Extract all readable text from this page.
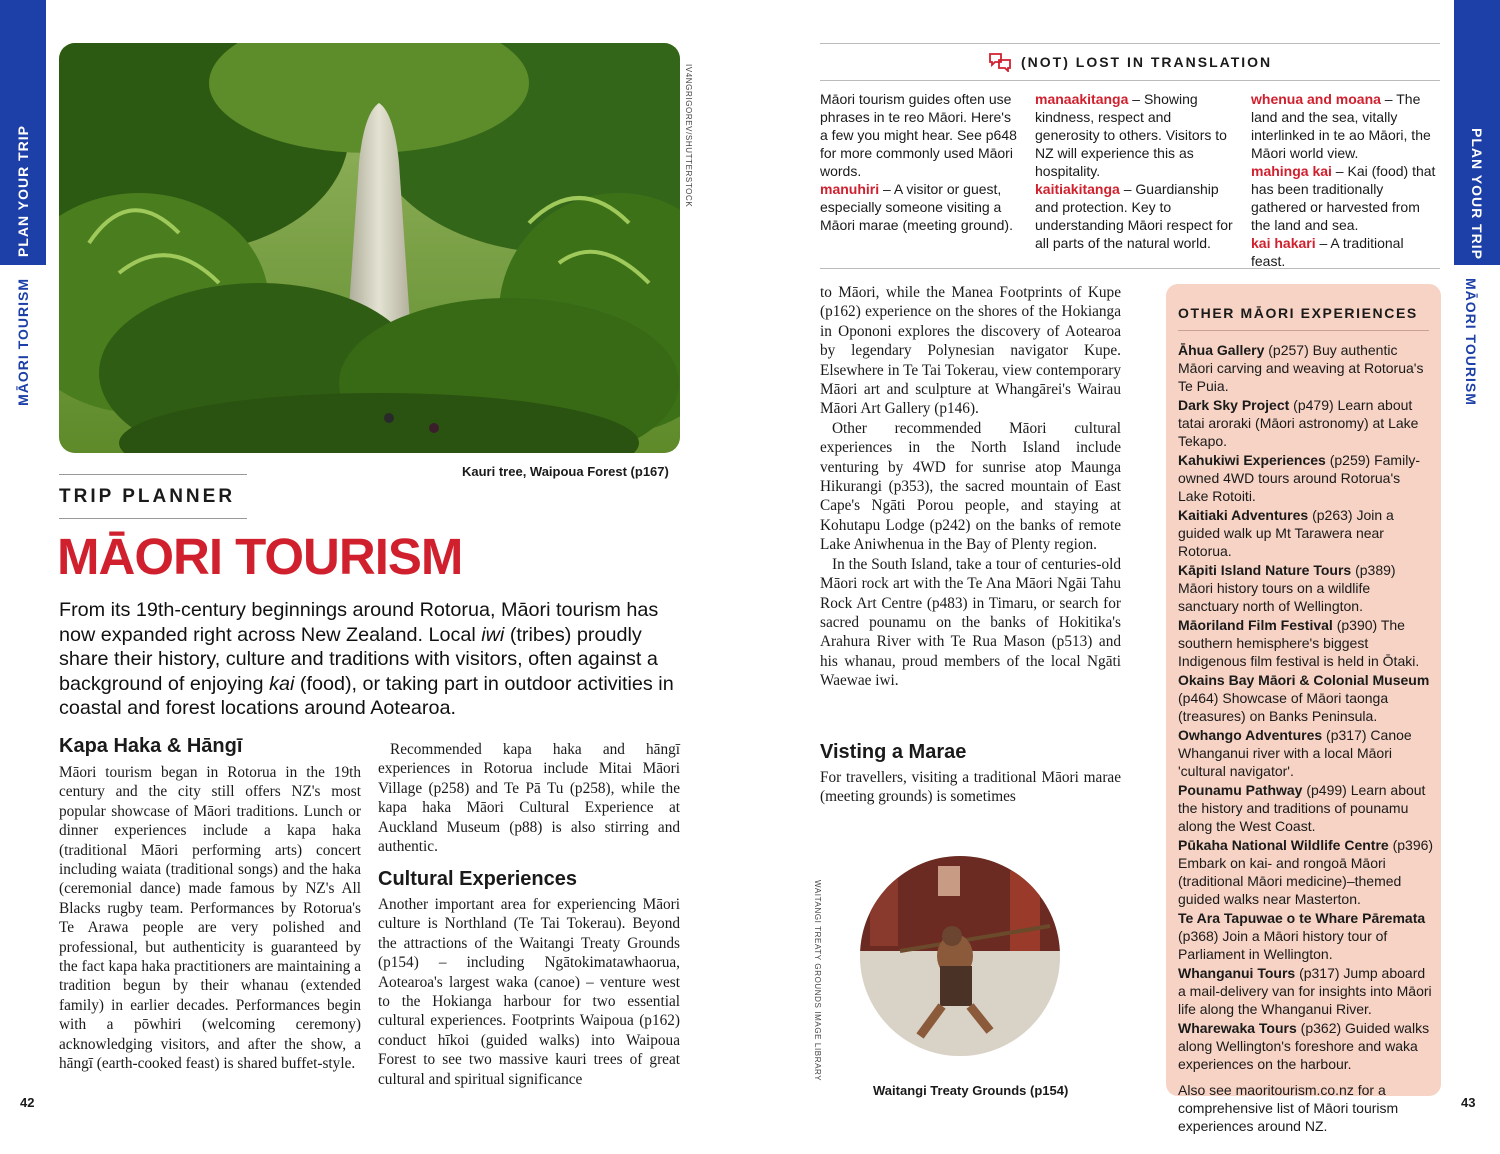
PLAN YOUR TRIP
MĀORI TOURISM
42
PLAN YOUR TRIP
MĀORI TOURISM
43
IV4NGRIGOREV/SHUTTERSTOCK
Kauri tree, Waipoua Forest (p167)
TRIP PLANNER
MĀORI TOURISM
From its 19th-century beginnings around Rotorua, Māori tourism has now expanded right across New Zealand. Local iwi (tribes) proudly share their history, culture and traditions with visitors, often against a background of enjoying kai (food), or taking part in outdoor activities in coastal and forest locations around Aotearoa.
Kapa Haka & Hāngī

Māori tourism began in Rotorua in the 19th century and the city still offers NZ's most popular showcase of Māori traditions. Lunch or dinner experiences include a kapa haka (traditional Māori performing arts) concert including waiata (traditional songs) and the haka (ceremonial dance) made famous by NZ's All Blacks rugby team. Performances by Rotorua's Te Arawa people are very polished and professional, but authenticity is guaranteed by the fact kapa haka practitioners are maintaining a tradition begun by their whanau (extended family) in earlier decades. Performances begin with a pōwhiri (welcoming ceremony) acknowledging visitors, and after the show, a hāngī (earth-cooked feast) is shared buffet-style.

Recommended kapa haka and hāngī experiences in Rotorua include Mitai Māori Village (p258) and Te Pā Tu (p258), while the kapa haka Māori Cultural Experience at Auckland Museum (p88) is also stirring and authentic.

Cultural Experiences

Another important area for experiencing Māori culture is Northland (Te Tai Tokerau). Beyond the attractions of the Waitangi Treaty Grounds (p154) – including Ngātokimatawhaorua, Aotearoa's largest waka (canoe) – venture west to the Hokianga harbour for two essential cultural experiences. Footprints Waipoua (p162) conduct hīkoi (guided walks) into Waipoua Forest to see two massive kauri trees of great cultural and spiritual significance

(NOT) LOST IN TRANSLATION
Māori tourism guides often use phrases in te reo Māori. Here's a few you might hear. See p648 for more commonly used Māori words.
manuhiri – A visitor or guest, especially someone visiting a Māori marae (meeting ground).
manaakitanga – Showing kindness, respect and generosity to others. Visitors to NZ will experience this as hospitality.
kaitiakitanga – Guardianship and protection. Key to understanding Māori respect for all parts of the natural world.
whenua and moana – The land and the sea, vitally interlinked in te ao Māori, the Māori world view.
mahinga kai – Kai (food) that has been traditionally gathered or harvested from the land and sea.
kai hakari – A traditional feast.

to Māori, while the Manea Footprints of Kupe (p162) experience on the shores of the Hokianga in Opononi explores the discovery of Aotearoa by legendary Polynesian navigator Kupe. Elsewhere in Te Tai Tokerau, view contemporary Māori art and sculpture at Whangārei's Wairau Māori Art Gallery (p146).

Other recommended Māori cultural experiences in the North Island include venturing by 4WD for sunrise atop Maunga Hikurangi (p353), the sacred mountain of East Cape's Ngāti Porou people, and staying at Kohutapu Lodge (p242) on the banks of remote Lake Aniwhenua in the Bay of Plenty region.

In the South Island, take a tour of centuries-old Māori rock art with the Te Ana Māori Ngāi Tahu Rock Art Centre (p483) in Timaru, or search for sacred pounamu on the banks of Hokitika's Arahura River with Te Rua Mason (p513) and his whanau, proud members of the local Ngāti Waewae iwi.

Visting a Marae

For travellers, visiting a traditional Māori marae (meeting grounds) is sometimes

WAITANGI TREATY GROUNDS IMAGE LIBRARY
Waitangi Treaty Grounds (p154)
OTHER MĀORI EXPERIENCES
Āhua Gallery (p257) Buy authentic Māori carving and weaving at Rotorua's Te Puia.
Dark Sky Project (p479) Learn about tatai aroraki (Māori astronomy) at Lake Tekapo.
Kahukiwi Experiences (p259) Family-owned 4WD tours around Rotorua's Lake Rotoiti.
Kaitiaki Adventures (p263) Join a guided walk up Mt Tarawera near Rotorua.
Kāpiti Island Nature Tours (p389) Māori history tours on a wildlife sanctuary north of Wellington.
Māoriland Film Festival (p390) The southern hemisphere's biggest Indigenous film festival is held in Ōtaki.
Okains Bay Māori & Colonial Museum (p464) Showcase of Māori taonga (treasures) on Banks Peninsula.
Owhango Adventures (p317) Canoe Whanganui river with a local Māori 'cultural navigator'.
Pounamu Pathway (p499) Learn about the history and traditions of pounamu along the West Coast.
Pūkaha National Wildlife Centre (p396) Embark on kai- and rongoā Māori (traditional Māori medicine)–themed guided walks near Masterton.
Te Ara Tapuwae o te Whare Pāremata (p368) Join a Māori history tour of Parliament in Wellington.
Whanganui Tours (p317) Jump aboard a mail-delivery van for insights into Māori life along the Whanganui River.
Wharewaka Tours (p362) Guided walks along Wellington's foreshore and waka experiences on the harbour.
Also see maoritourism.co.nz for a comprehensive list of Māori tourism experiences around NZ.
